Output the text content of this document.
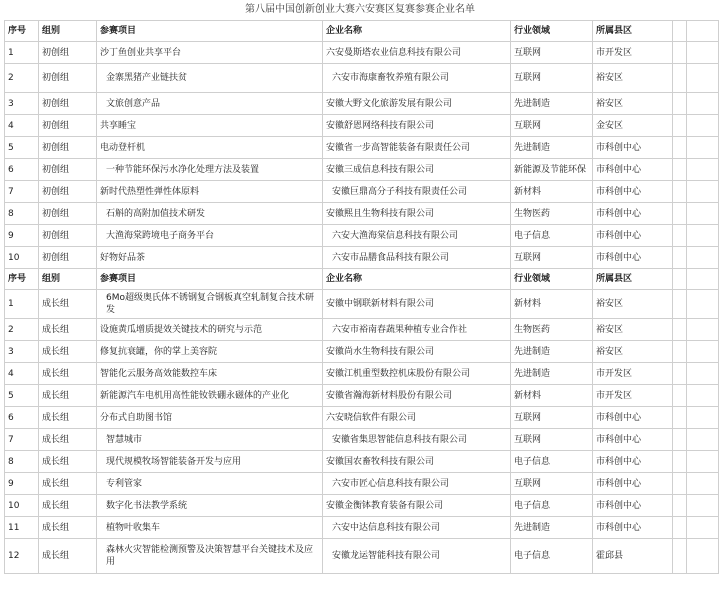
第八届中国创新创业大赛六安赛区复赛参赛企业名单
序号	组别	参赛项目	企业名称	行业领域	所属县区		
1	初创组	沙丁鱼创业共享平台	六安曼斯塔农业信息科技有限公司	互联网	市开发区		
2	初创组	金寨黑猪产业链扶贫	六安市海康畜牧养殖有限公司	互联网	裕安区		
3	初创组	文旅创意产品	安徽大野文化旅游发展有限公司	先进制造	裕安区		
4	初创组	共享睡宝	安徽舒恩网络科技有限公司	互联网	金安区		
5	初创组	电动登杆机	安徽省一步高智能装备有限责任公司	先进制造	市科创中心		
6	初创组	一种节能环保污水净化处理方法及装置	安徽三成信息科技有限公司	新能源及节能环保	市科创中心		
7	初创组	新时代热塑性弹性体原料	安徽巨鼎高分子科技有限责任公司	新材料	市科创中心		
8	初创组	石斛的高附加值技术研发	安徽熙且生物科技有限公司	生物医药	市科创中心		
9	初创组	大渔海棠跨境电子商务平台	六安大渔海棠信息科技有限公司	电子信息	市科创中心		
10	初创组	好物好品茶	六安市品膳食品科技有限公司	互联网	市科创中心		
序号	组别	参赛项目	企业名称	行业领域	所属县区		
1	成长组	6Mo超级奥氏体不锈钢复合钢板真空轧制复合技术研发	安徽中钢联新材料有限公司	新材料	裕安区		
2	成长组	设施黄瓜增质提效关键技术的研究与示范	六安市裕南春蔬果种植专业合作社	生物医药	裕安区		
3	成长组	修复抗衰罐，你的掌上美容院	安徽尚水生物科技有限公司	先进制造	裕安区		
4	成长组	智能化云服务高效能数控车床	安徽江机重型数控机床股份有限公司	先进制造	市开发区		
5	成长组	新能源汽车电机用高性能钕铁硼永磁体的产业化	安徽省瀚海新材料股份有限公司	新材料	市开发区		
6	成长组	分布式自助图书馆	六安晓信软件有限公司	互联网	市科创中心		
7	成长组	智慧城市	安徽省集思智能信息科技有限公司	互联网	市科创中心		
8	成长组	现代规模牧场智能装备开发与应用	安徽国农畜牧科技有限公司	电子信息	市科创中心		
9	成长组	专利管家	六安市匠心信息科技有限公司	互联网	市科创中心		
10	成长组	数字化书法教学系统	安徽金衡钵教育装备有限公司	电子信息	市科创中心		
11	成长组	植物叶收集车	六安中达信息科技有限公司	先进制造	市科创中心		
12	成长组	森林火灾智能检测预警及决策智慧平台关键技术及应用	安徽龙运智能科技有限公司	电子信息	霍邱县		
